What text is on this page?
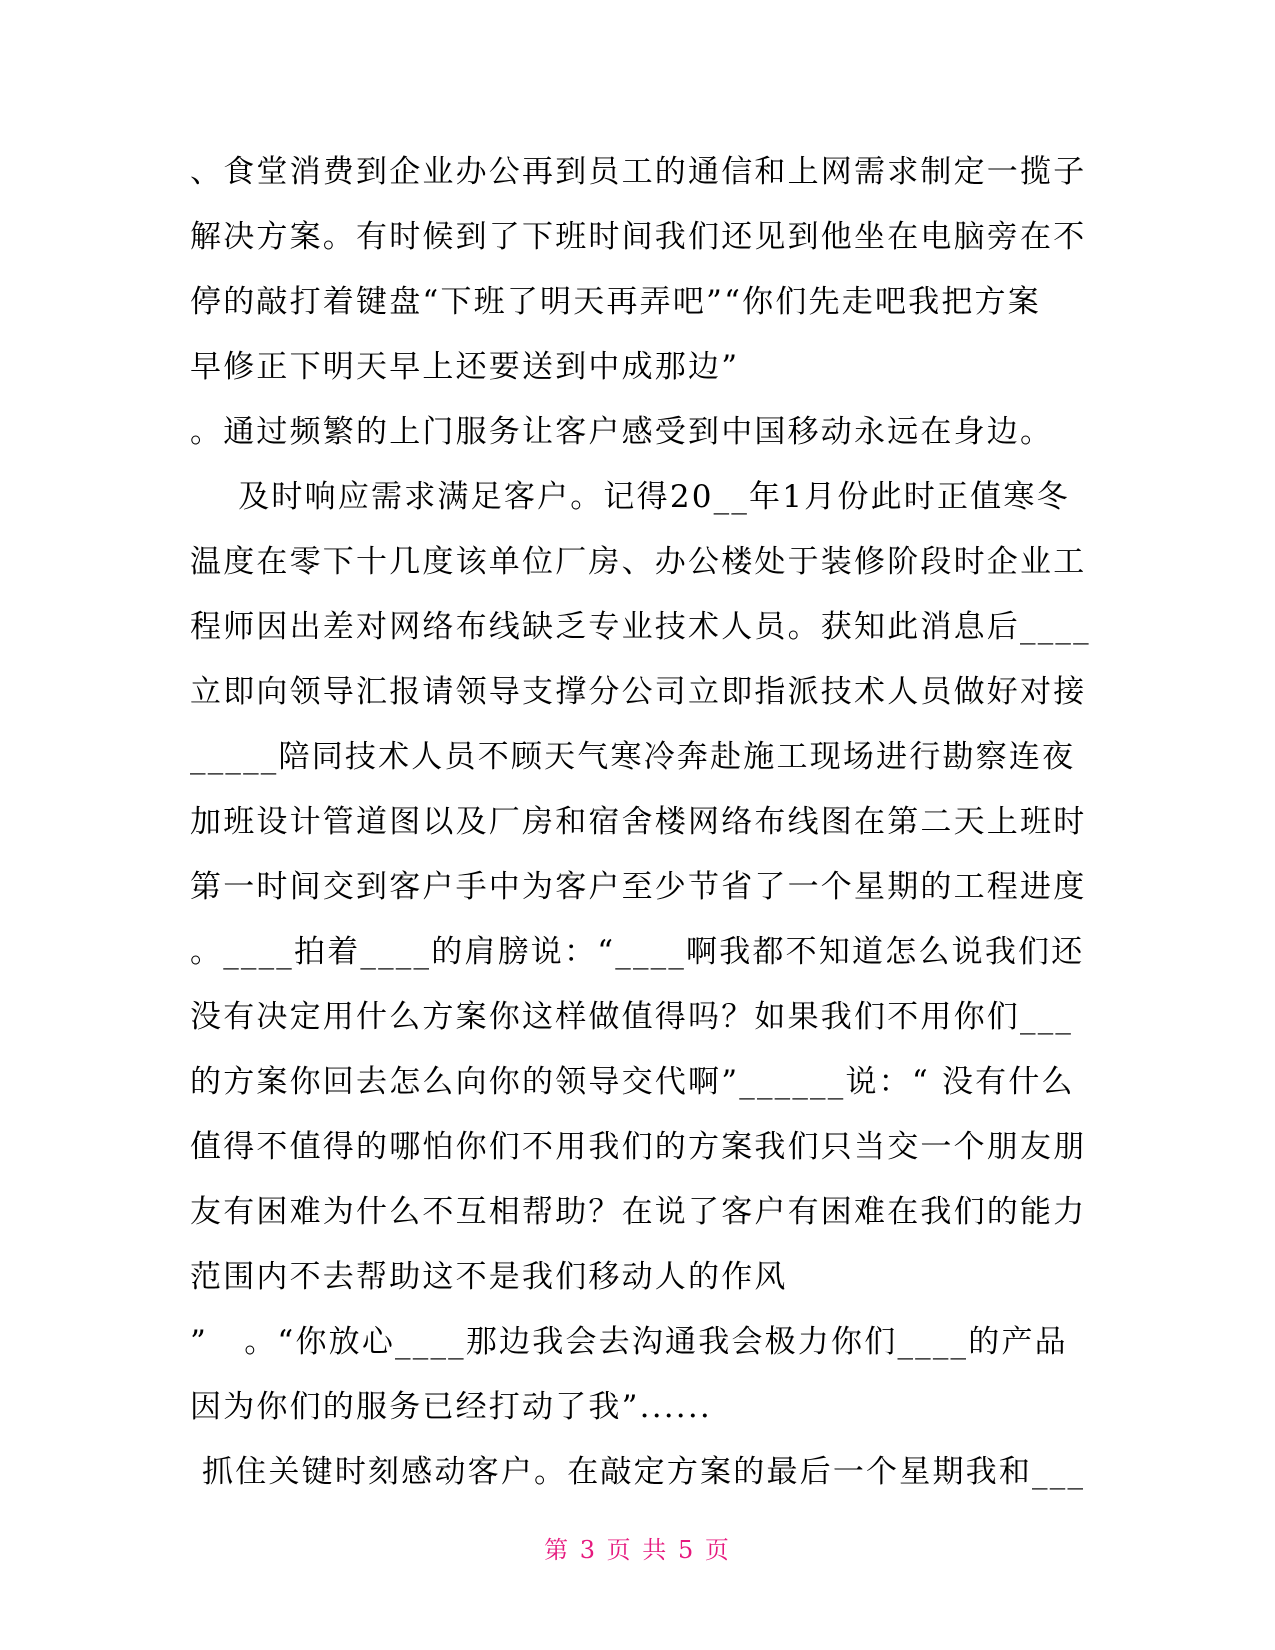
、食堂消费到企业办公再到员工的通信和上网需求制定一揽子
解决方案。有时候到了下班时间我们还见到他坐在电脑旁在不
停的敲打着键盘“下班了明天再弄吧”“你们先走吧我把方案
早修正下明天早上还要送到中成那边”
。通过频繁的上门服务让客户感受到中国移动永远在身边。
及时响应需求满足客户。记得20__年1月份此时正值寒冬
温度在零下十几度该单位厂房、办公楼处于装修阶段时企业工
程师因出差对网络布线缺乏专业技术人员。获知此消息后____
立即向领导汇报请领导支撑分公司立即指派技术人员做好对接
_____陪同技术人员不顾天气寒冷奔赴施工现场进行勘察连夜
加班设计管道图以及厂房和宿舍楼网络布线图在第二天上班时
第一时间交到客户手中为客户至少节省了一个星期的工程进度
。____拍着____的肩膀说：“____啊我都不知道怎么说我们还
没有决定用什么方案你这样做值得吗？如果我们不用你们___
的方案你回去怎么向你的领导交代啊”______说：“ 没有什么
值得不值得的哪怕你们不用我们的方案我们只当交一个朋友朋
友有困难为什么不互相帮助？在说了客户有困难在我们的能力
范围内不去帮助这不是我们移动人的作风
”   。“你放心____那边我会去沟通我会极力你们____的产品
因为你们的服务已经打动了我”......
抓住关键时刻感动客户。在敲定方案的最后一个星期我和___
第 3 页 共 5 页
